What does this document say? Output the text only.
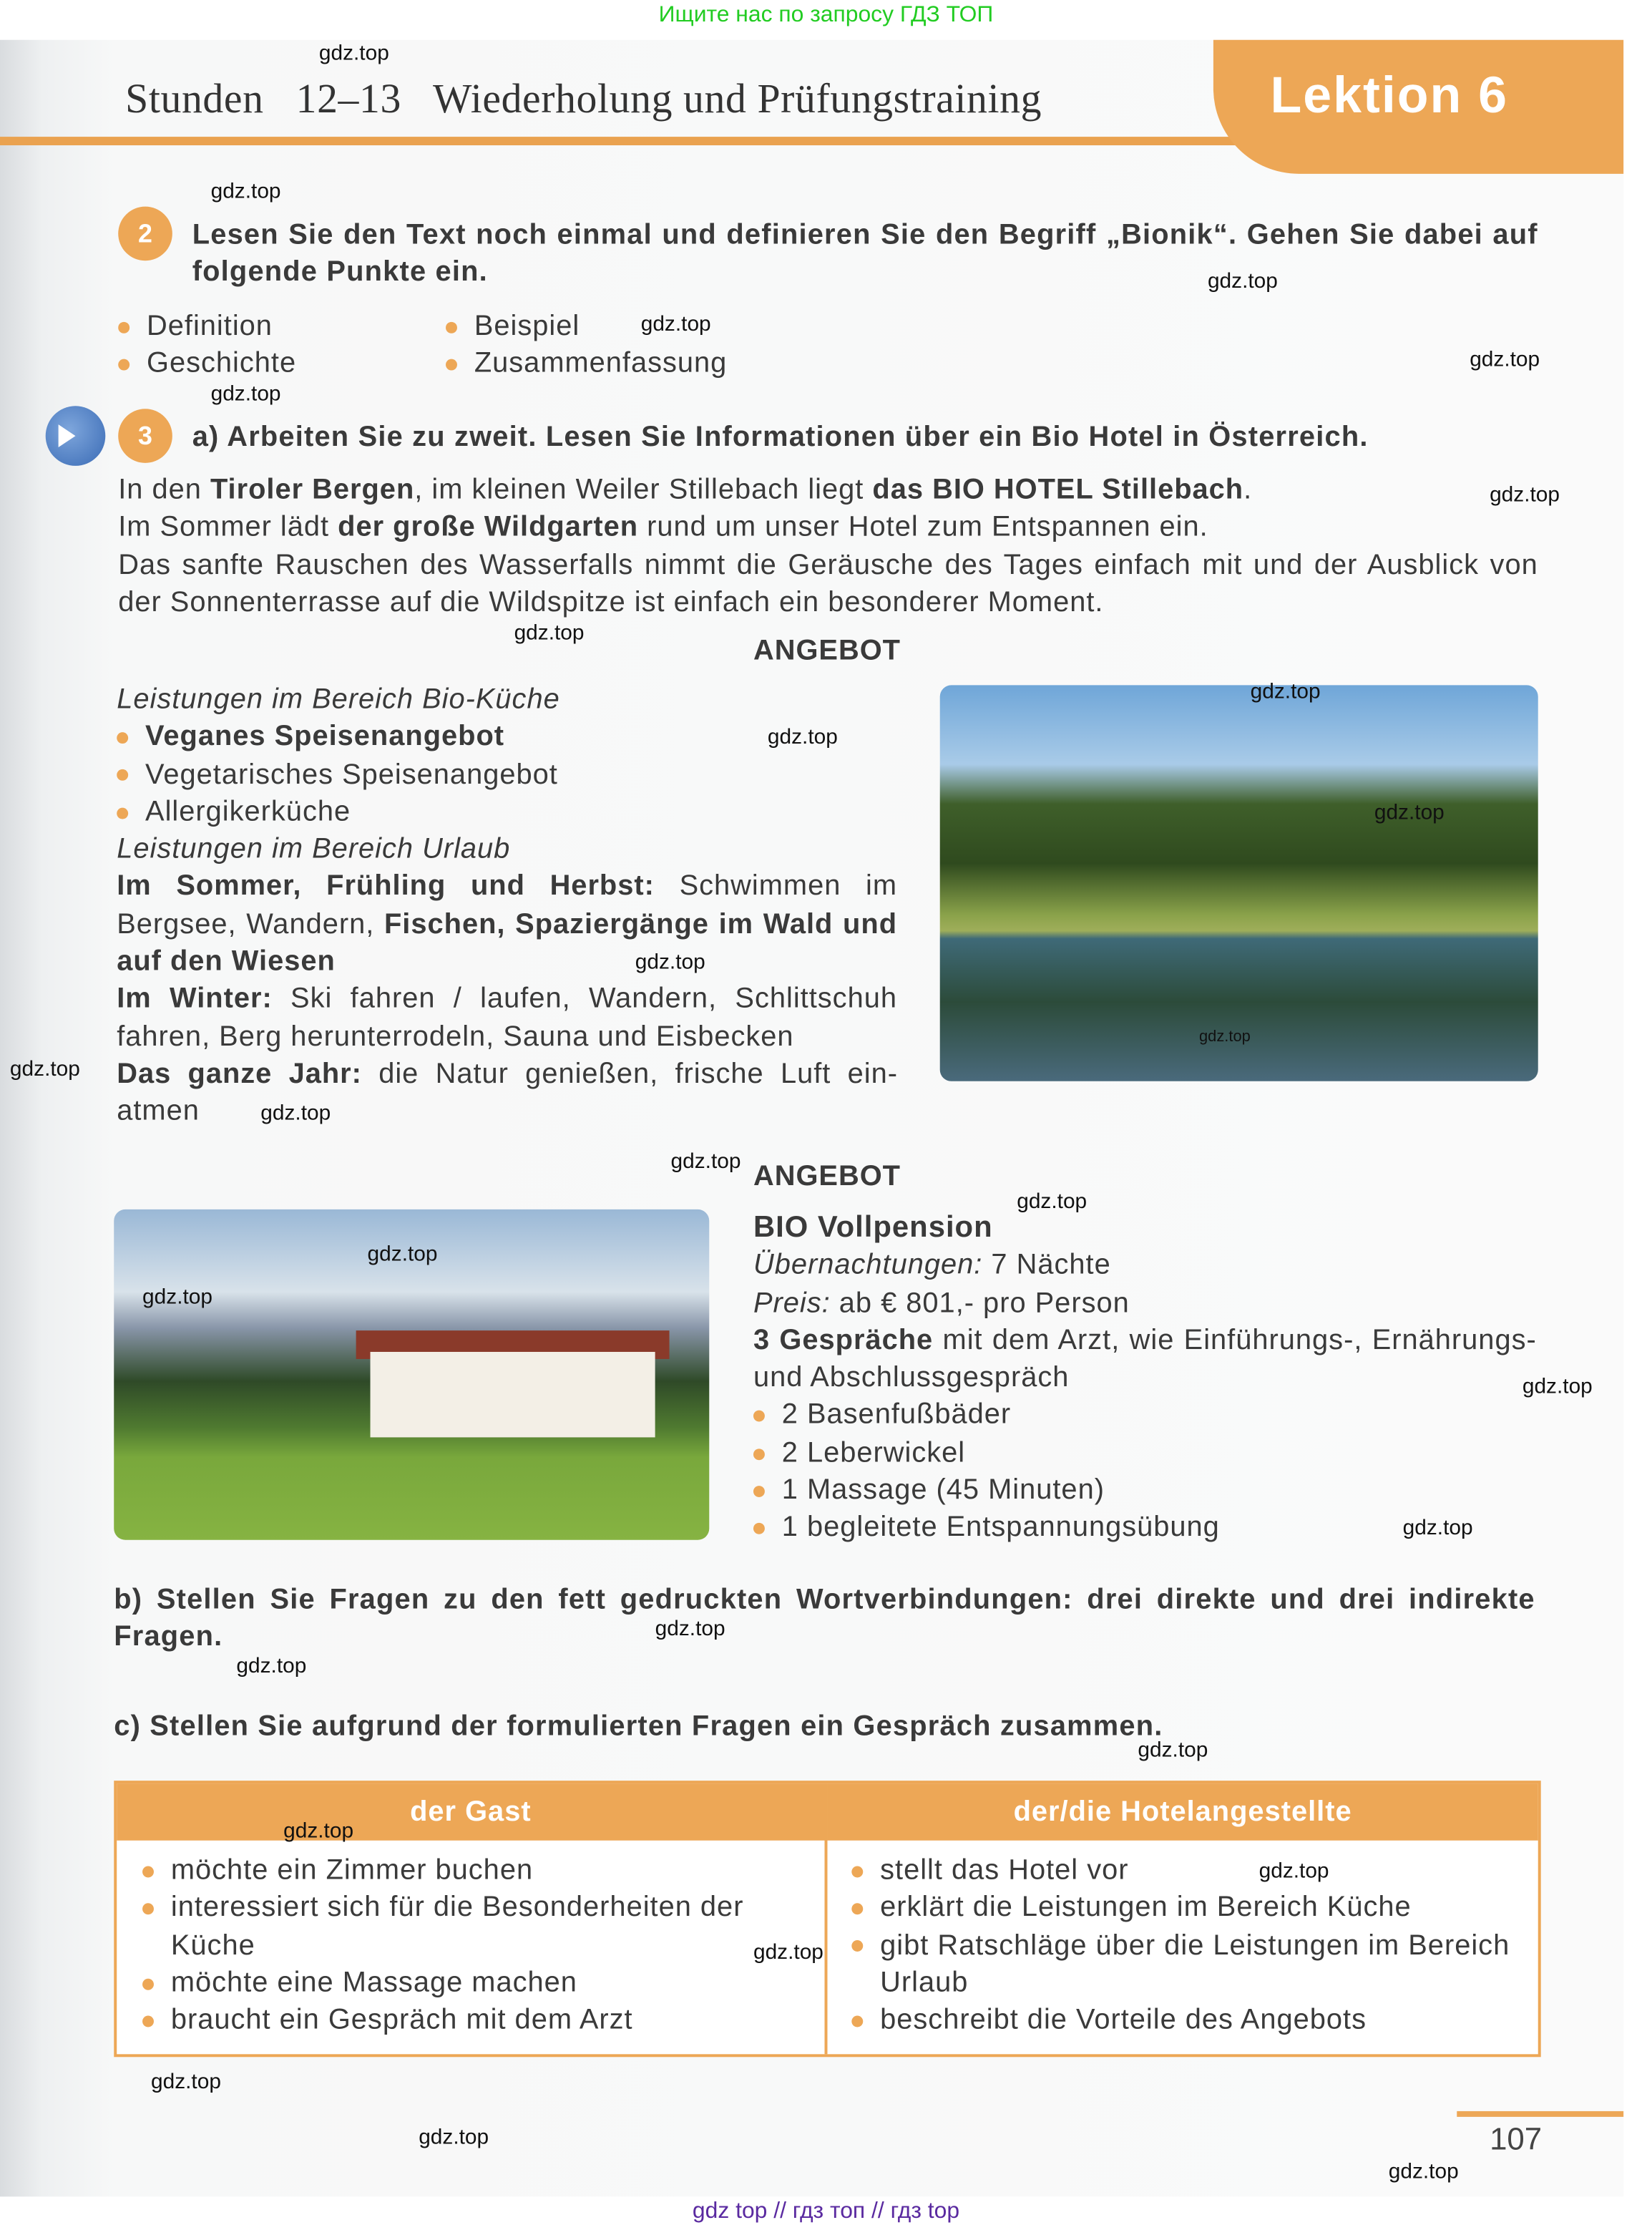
Ищите нас по запросу ГДЗ ТОП
Lektion 6
Stunden   12–13   Wiederholung und Prüfungstraining
2	Lesen Sie den Text noch einmal und definieren Sie den Begriff „Bionik“. Gehen Sie dabei auf folgende Punkte ein.
Definition
Geschichte
Beispiel
Zusammenfassung
3	a) Arbeiten Sie zu zweit. Lesen Sie Informationen über ein Bio Hotel in Österreich.
In den Tiroler Bergen, im kleinen Weiler Stillebach liegt das BIO HOTEL Stillebach.
Im Sommer lädt der große Wildgarten rund um unser Hotel zum Entspannen ein.
Das sanfte Rauschen des Wasserfalls nimmt die Geräusche des Tages einfach mit und der Ausblick von der Sonnenterrasse auf die Wildspitze ist einfach ein besonderer Moment.
ANGEBOT
Leistungen im Bereich Bio-Küche
Veganes Speisenangebot
Vegetarisches Speisenangebot
Allergikerküche
Leistungen im Bereich Urlaub
Im Sommer, Frühling und Herbst: Schwimmen im Bergsee, Wandern, Fischen, Spaziergänge im Wald und auf den Wiesen
Im Winter: Ski fahren / laufen, Wandern, Schlittschuh fahren, Berg herunterrodeln, Sauna und Eisbecken
Das ganze Jahr: die Natur genießen, frische Luft einatmen
ANGEBOT
BIO Vollpension
Übernachtungen: 7 Nächte
Preis: ab € 801,- pro Person
3 Gespräche mit dem Arzt, wie Einführungs-, Ernährungs- und Abschlussgespräch
2 Basenfußbäder
2 Leberwickel
1 Massage (45 Minuten)
1 begleitete Entspannungsübung
b) Stellen Sie Fragen zu den fett gedruckten Wortverbindungen: drei direkte und drei indirekte Fragen.
c) Stellen Sie aufgrund der formulierten Fragen ein Gespräch zusammen.
der Gast	der/die Hotelangestellte
möchte ein Zimmer buchen
interessiert sich für die Besonderheiten der Küche
möchte eine Massage machen
braucht ein Gespräch mit dem Arzt
stellt das Hotel vor
erklärt die Leistungen im Bereich Küche
gibt Ratschläge über die Leistungen im Bereich Urlaub
beschreibt die Vorteile des Angebots
107
gdz top // гдз топ // гдз top
gdz.top
gdz.top
gdz.top
gdz.top
gdz.top
gdz.top
gdz.top
gdz.top
gdz.top
gdz.top
gdz.top
gdz.top
gdz.top
gdz.top
gdz.top
gdz.top
gdz.top
gdz.top
gdz.top
gdz.top
gdz.top
gdz.top
gdz.top
gdz.top
gdz.top
gdz.top
gdz.top
gdz.top
gdz.top
gdz.top
